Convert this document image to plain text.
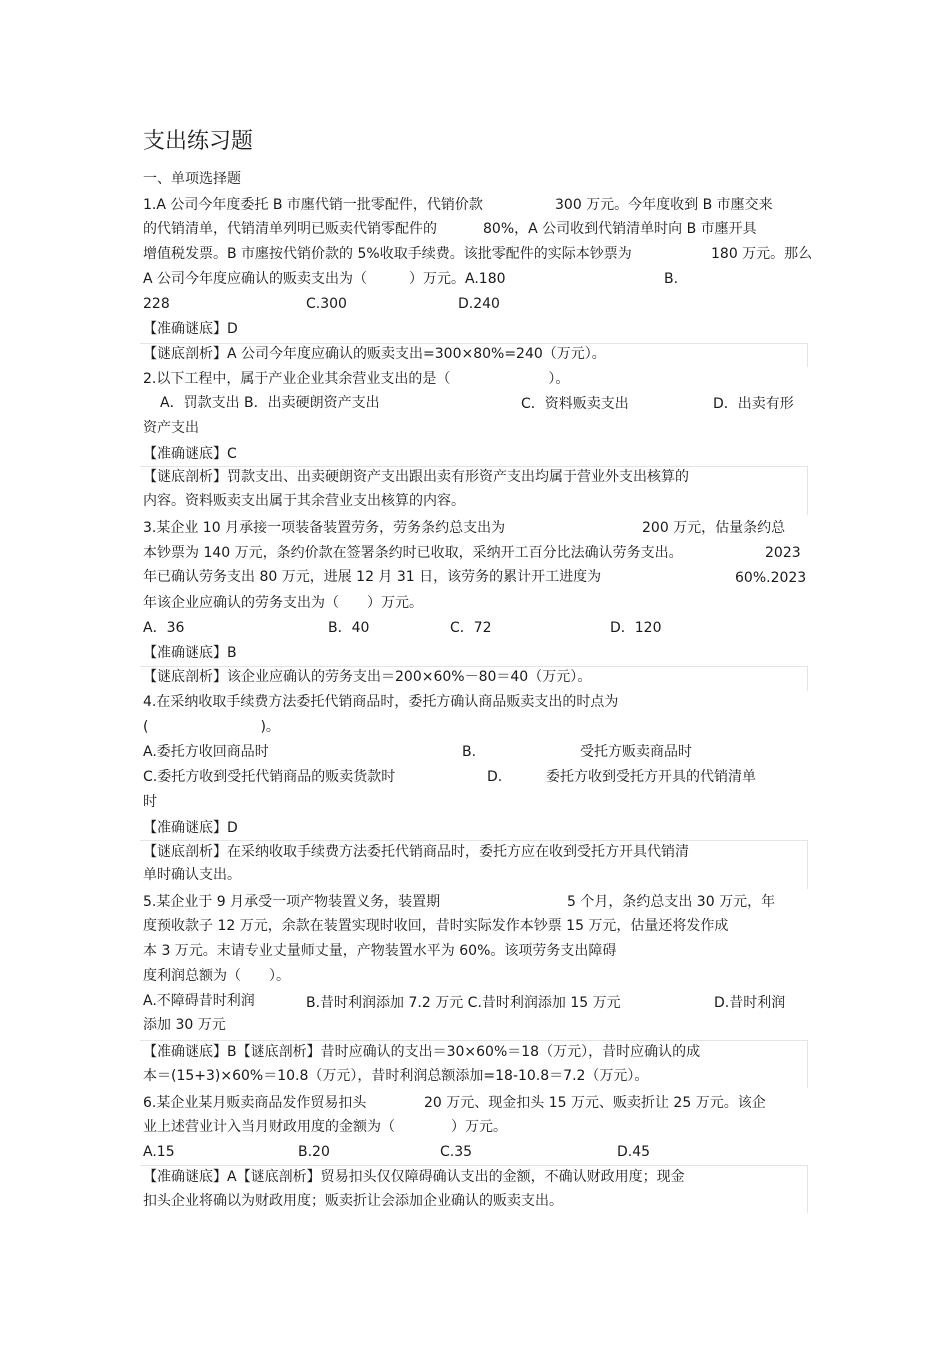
支出练习题
一、单项选择题
1.A 公司今年度委托 B 市廛代销一批零配件，代销价款	300 万元。今年度收到 B 市廛交来
的代销清单，代销清单列明已贩卖代销零配件的	80%，A 公司收到代销清单时向 B 市廛开具
增值税发票。B 市廛按代销价款的 5%收取手续费。该批零配件的实际本钞票为	180 万元。那么
A 公司今年度应确认的贩卖支出为（　　　）万元。A.180	B.
228	C.300	D.240
【准确谜底】D
【谜底剖析】A 公司今年度应确认的贩卖支出=300×80%=240（万元）。
2.以下工程中，属于产业企业其余营业支出的是（　　　　　　　）。
A．罚款支出 B．出卖硬朗资产支出	C．资料贩卖支出	D．出卖有形
资产支出
【准确谜底】C
【谜底剖析】罚款支出、出卖硬朗资产支出跟出卖有形资产支出均属于营业外支出核算的
内容。资料贩卖支出属于其余营业支出核算的内容。
3.某企业 10 月承接一项装备装置劳务，劳务条约总支出为	200 万元，估量条约总
本钞票为 140 万元，条约价款在签署条约时已收取，采纳开工百分比法确认劳务支出。	2023
年已确认劳务支出 80 万元，进展 12 月 31 日，该劳务的累计开工进度为	60%.2023
年该企业应确认的劳务支出为（　　）万元。
A．36	B．40	C．72	D．120
【准确谜底】B
【谜底剖析】该企业应确认的劳务支出＝200×60%－80＝40（万元）。
4.在采纳收取手续费方法委托代销商品时，委托方确认商品贩卖支出的时点为
(　　　　　　　　)。
A.委托方收回商品时	B.	受托方贩卖商品时
C.委托方收到受托代销商品的贩卖货款时	D.	委托方收到受托方开具的代销清单
时
【准确谜底】D
【谜底剖析】在采纳收取手续费方法委托代销商品时，委托方应在收到受托方开具代销清
单时确认支出。
5.某企业于 9 月承受一项产物装置义务，装置期	5 个月，条约总支出 30 万元，年
度预收款子 12 万元，余款在装置实现时收回，昔时实际发作本钞票 15 万元，估量还将发作成
本 3 万元。末请专业丈量师丈量，产物装置水平为 60%。该项劳务支出障碍
度利润总额为（　　）。
A.不障碍昔时利润	B.昔时利润添加 7.2 万元 C.昔时利润添加 15 万元	D.昔时利润
添加 30 万元
【准确谜底】B【谜底剖析】昔时应确认的支出＝30×60%＝18（万元），昔时应确认的成
本＝(15+3)×60%＝10.8（万元），昔时利润总额添加=18-10.8＝7.2（万元）。
6.某企业某月贩卖商品发作贸易扣头	20 万元、现金扣头 15 万元、贩卖折让 25 万元。该企
业上述营业计入当月财政用度的金额为（　　　　）万元。
A.15	B.20	C.35	D.45
【准确谜底】A【谜底剖析】贸易扣头仅仅障碍确认支出的金额，不确认财政用度；现金
扣头企业将确以为财政用度；贩卖折让会添加企业确认的贩卖支出。
